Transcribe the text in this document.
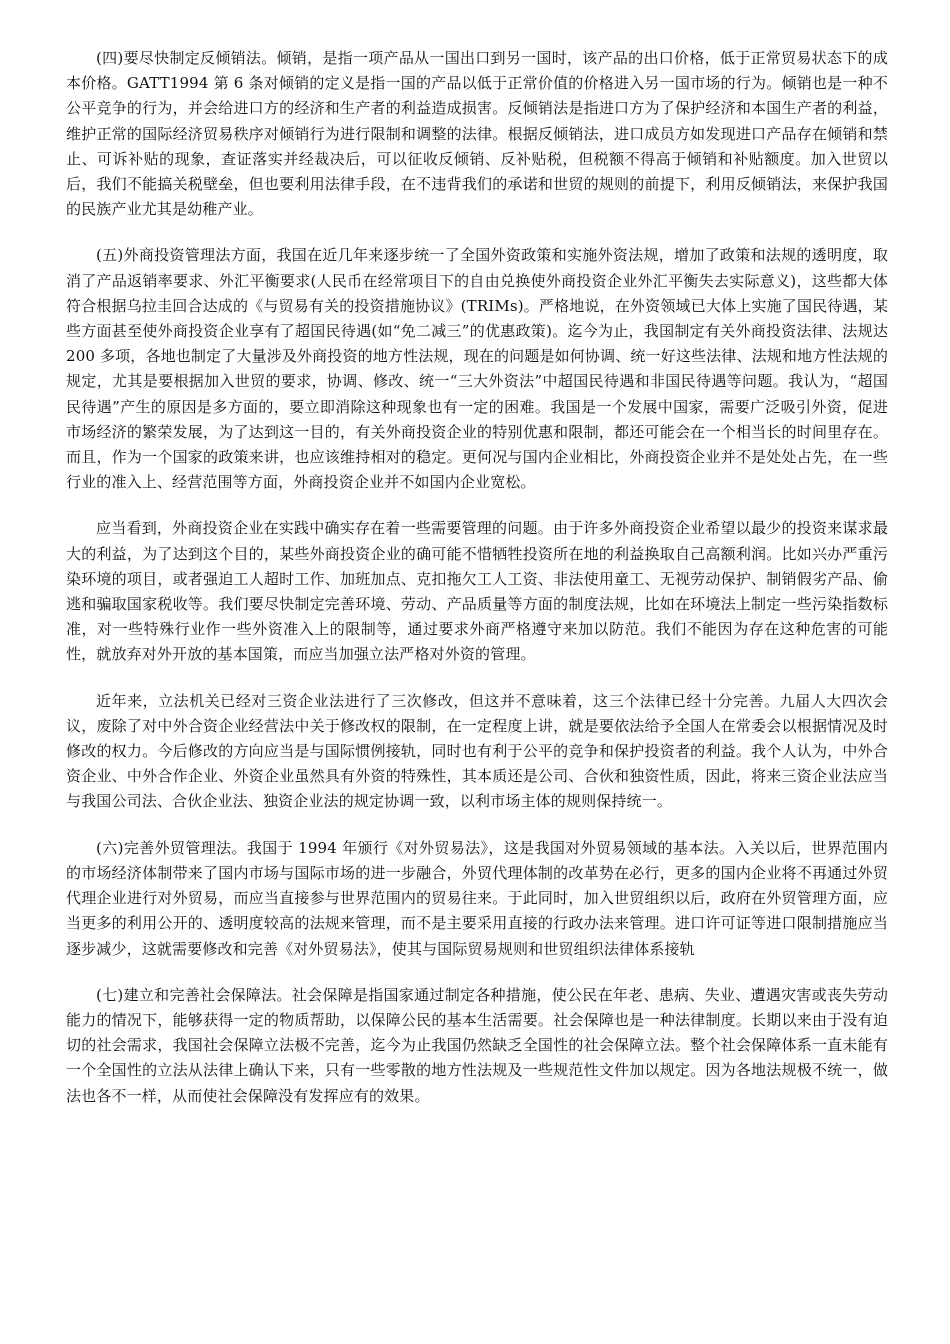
(四)要尽快制定反倾销法。倾销，是指一项产品从一国出口到另一国时，该产品的出口价格，低于正常贸易状态下的成本价格。GATT1994 第 6 条对倾销的定义是指一国的产品以低于正常价值的价格进入另一国市场的行为。倾销也是一种不公平竞争的行为，并会给进口方的经济和生产者的利益造成损害。反倾销法是指进口方为了保护经济和本国生产者的利益，维护正常的国际经济贸易秩序对倾销行为进行限制和调整的法律。根据反倾销法，进口成员方如发现进口产品存在倾销和禁止、可诉补贴的现象，查证落实并经裁决后，可以征收反倾销、反补贴税，但税额不得高于倾销和补贴额度。加入世贸以后，我们不能搞关税壁垒，但也要利用法律手段，在不违背我们的承诺和世贸的规则的前提下，利用反倾销法，来保护我国的民族产业尤其是幼稚产业。

(五)外商投资管理法方面，我国在近几年来逐步统一了全国外资政策和实施外资法规，增加了政策和法规的透明度，取消了产品返销率要求、外汇平衡要求(人民币在经常项目下的自由兑换使外商投资企业外汇平衡失去实际意义)，这些都大体符合根据乌拉圭回合达成的《与贸易有关的投资措施协议》(TRIMs)。严格地说，在外资领域已大体上实施了国民待遇，某些方面甚至使外商投资企业享有了超国民待遇(如“免二减三”的优惠政策)。迄今为止，我国制定有关外商投资法律、法规达 200 多项，各地也制定了大量涉及外商投资的地方性法规，现在的问题是如何协调、统一好这些法律、法规和地方性法规的规定，尤其是要根据加入世贸的要求，协调、修改、统一“三大外资法”中超国民待遇和非国民待遇等问题。我认为，“超国民待遇”产生的原因是多方面的，要立即消除这种现象也有一定的困难。我国是一个发展中国家，需要广泛吸引外资，促进市场经济的繁荣发展，为了达到这一目的，有关外商投资企业的特别优惠和限制，都还可能会在一个相当长的时间里存在。而且，作为一个国家的政策来讲，也应该维持相对的稳定。更何况与国内企业相比，外商投资企业并不是处处占先，在一些行业的准入上、经营范围等方面，外商投资企业并不如国内企业宽松。

应当看到，外商投资企业在实践中确实存在着一些需要管理的问题。由于许多外商投资企业希望以最少的投资来谋求最大的利益，为了达到这个目的，某些外商投资企业的确可能不惜牺牲投资所在地的利益换取自己高额利润。比如兴办严重污染环境的项目，或者强迫工人超时工作、加班加点、克扣拖欠工人工资、非法使用童工、无视劳动保护、制销假劣产品、偷逃和骗取国家税收等。我们要尽快制定完善环境、劳动、产品质量等方面的制度法规，比如在环境法上制定一些污染指数标准，对一些特殊行业作一些外资准入上的限制等，通过要求外商严格遵守来加以防范。我们不能因为存在这种危害的可能性，就放弃对外开放的基本国策，而应当加强立法严格对外资的管理。

近年来，立法机关已经对三资企业法进行了三次修改，但这并不意味着，这三个法律已经十分完善。九届人大四次会议，废除了对中外合资企业经营法中关于修改权的限制，在一定程度上讲，就是要依法给予全国人在常委会以根据情况及时修改的权力。今后修改的方向应当是与国际惯例接轨，同时也有利于公平的竞争和保护投资者的利益。我个人认为，中外合资企业、中外合作企业、外资企业虽然具有外资的特殊性，其本质还是公司、合伙和独资性质，因此，将来三资企业法应当与我国公司法、合伙企业法、独资企业法的规定协调一致，以利市场主体的规则保持统一。

(六)完善外贸管理法。我国于 1994 年颁行《对外贸易法》，这是我国对外贸易领域的基本法。入关以后，世界范围内的市场经济体制带来了国内市场与国际市场的进一步融合，外贸代理体制的改革势在必行，更多的国内企业将不再通过外贸代理企业进行对外贸易，而应当直接参与世界范围内的贸易往来。于此同时，加入世贸组织以后，政府在外贸管理方面，应当更多的利用公开的、透明度较高的法规来管理，而不是主要采用直接的行政办法来管理。进口许可证等进口限制措施应当逐步减少，这就需要修改和完善《对外贸易法》，使其与国际贸易规则和世贸组织法律体系接轨

(七)建立和完善社会保障法。社会保障是指国家通过制定各种措施，使公民在年老、患病、失业、遭遇灾害或丧失劳动能力的情况下，能够获得一定的物质帮助，以保障公民的基本生活需要。社会保障也是一种法律制度。长期以来由于没有迫切的社会需求，我国社会保障立法极不完善，迄今为止我国仍然缺乏全国性的社会保障立法。整个社会保障体系一直未能有一个全国性的立法从法律上确认下来，只有一些零散的地方性法规及一些规范性文件加以规定。因为各地法规极不统一，做法也各不一样，从而使社会保障没有发挥应有的效果。
